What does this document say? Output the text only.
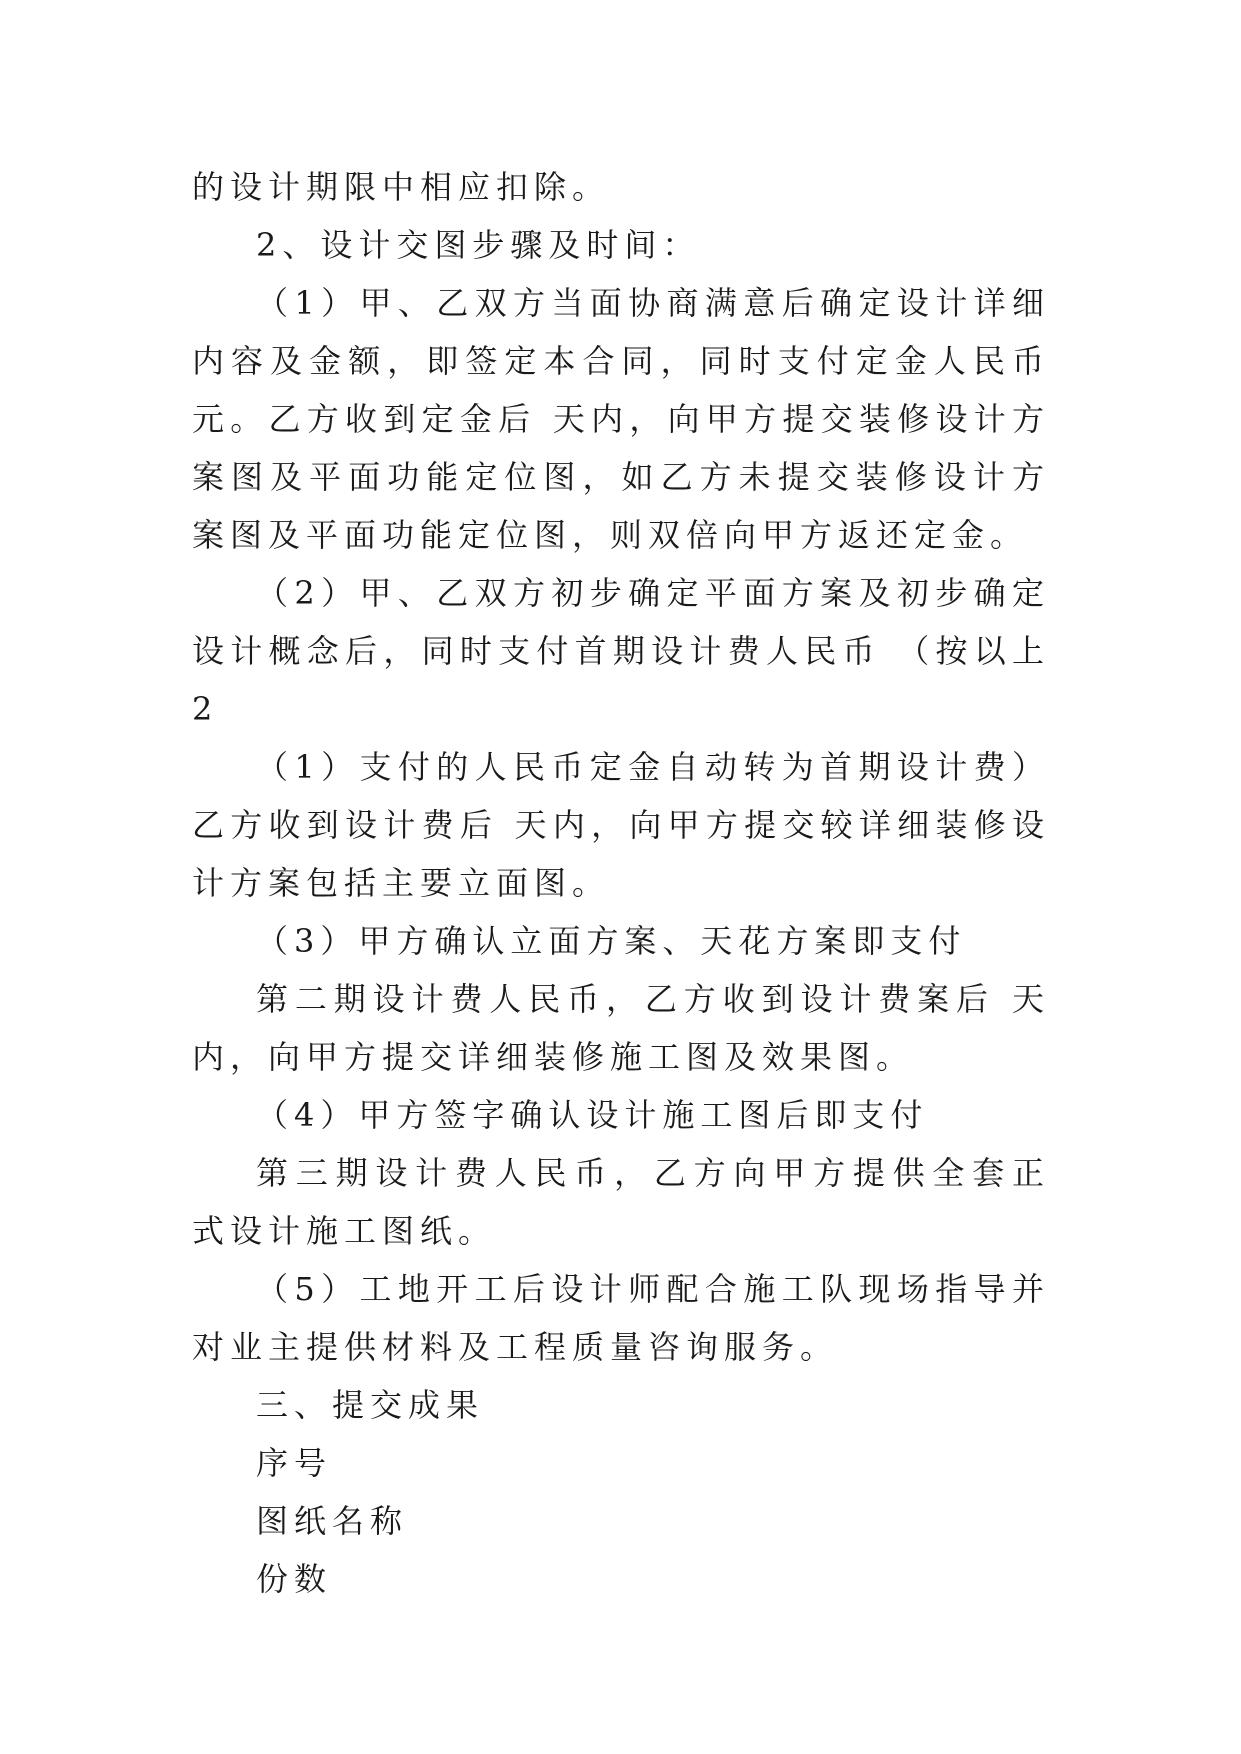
的设计期限中相应扣除。

2、设计交图步骤及时间：

（1）甲、乙双方当面协商满意后确定设计详细内容及金额，即签定本合同，同时支付定金人民币 元。乙方收到定金后 天内，向甲方提交装修设计方案图及平面功能定位图，如乙方未提交装修设计方案图及平面功能定位图，则双倍向甲方返还定金。

（2）甲、乙双方初步确定平面方案及初步确定设计概念后，同时支付首期设计费人民币 （按以上2

（1）支付的人民币定金自动转为首期设计费）乙方收到设计费后 天内，向甲方提交较详细装修设计方案包括主要立面图。

（3）甲方确认立面方案、天花方案即支付

第二期设计费人民币，乙方收到设计费案后 天内，向甲方提交详细装修施工图及效果图。

（4）甲方签字确认设计施工图后即支付

第三期设计费人民币，乙方向甲方提供全套正式设计施工图纸。

（5）工地开工后设计师配合施工队现场指导并对业主提供材料及工程质量咨询服务。

三、提交成果

序号

图纸名称

份数
